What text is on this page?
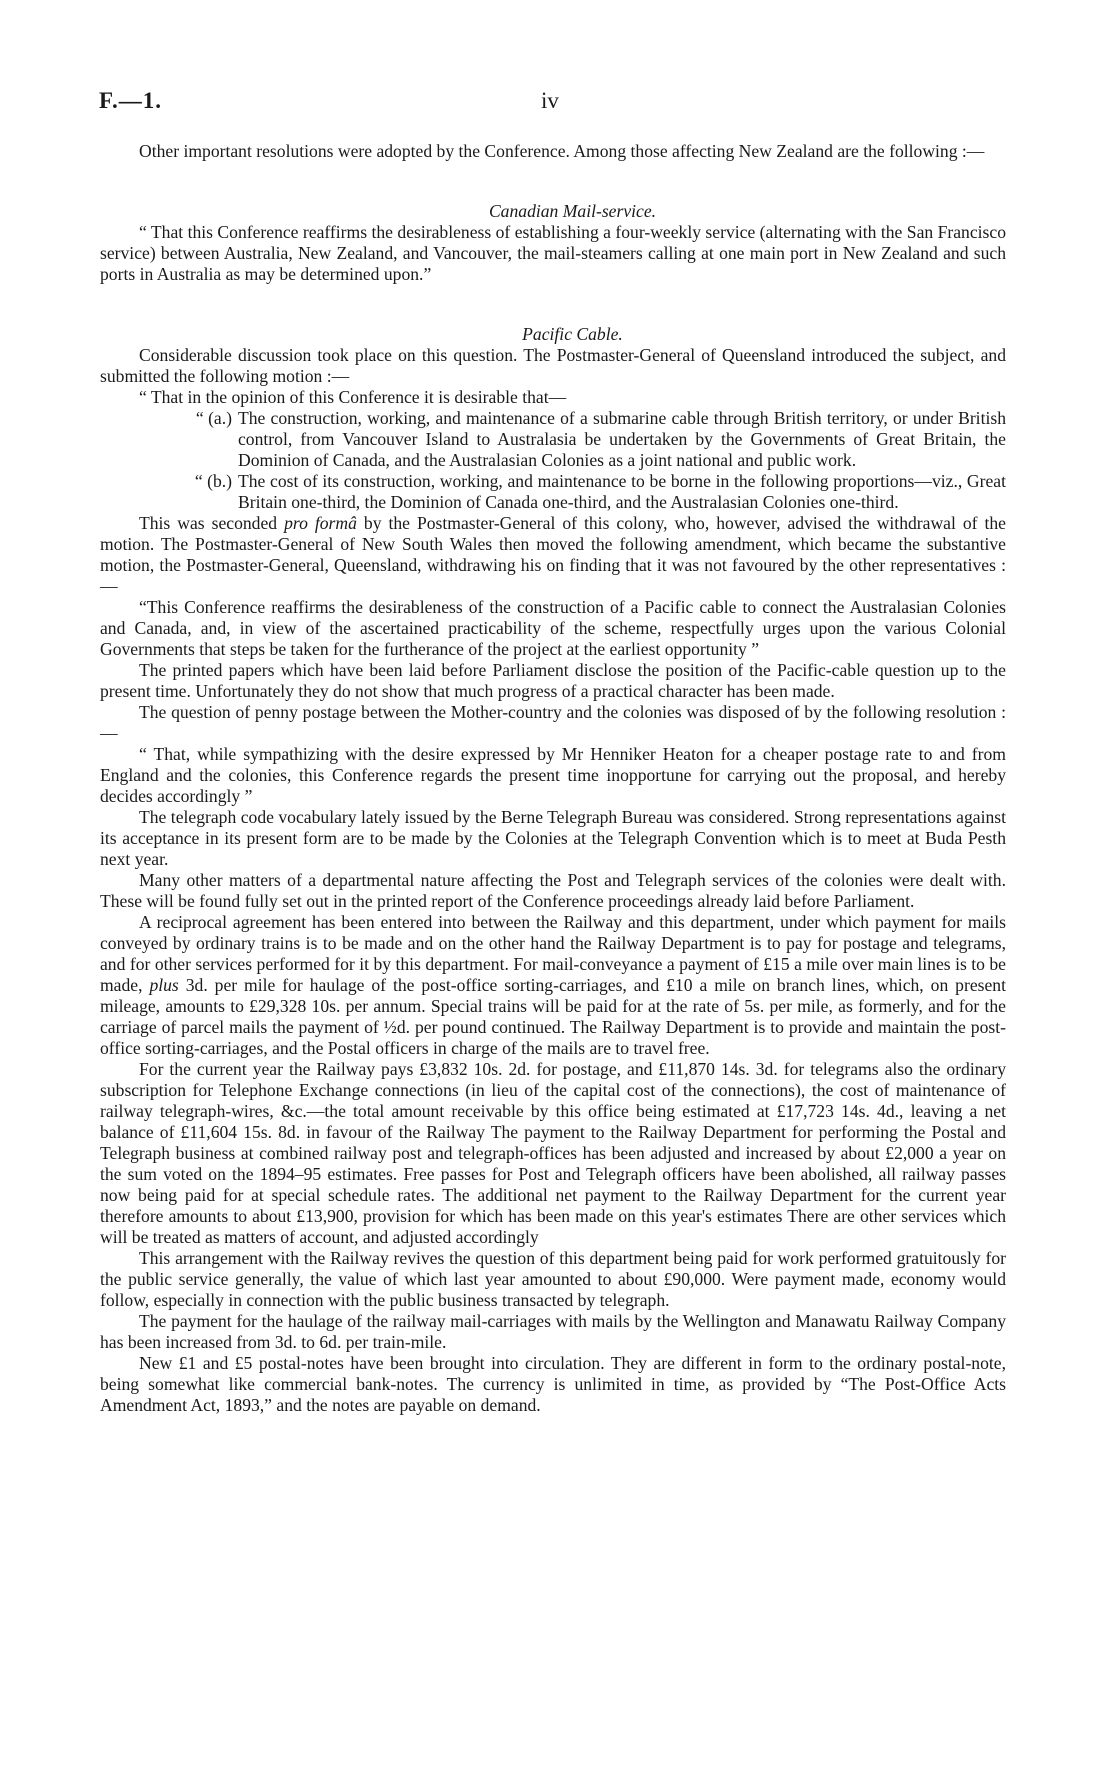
F.—1.	iv

Other important resolutions were adopted by the Conference. Among those affecting New Zealand are the following :—

Canadian Mail-service.

“ That this Conference reaffirms the desirableness of establishing a four-weekly service (alternating with the San Francisco service) between Australia, New Zealand, and Vancouver, the mail-steamers calling at one main port in New Zealand and such ports in Australia as may be determined upon.”

Pacific Cable.

Considerable discussion took place on this question. The Postmaster-General of Queensland introduced the subject, and submitted the following motion :—

“ That in the opinion of this Conference it is desirable that—

“ (a.) The construction, working, and maintenance of a submarine cable through British territory, or under British control, from Vancouver Island to Australasia be undertaken by the Governments of Great Britain, the Dominion of Canada, and the Australasian Colonies as a joint national and public work.
“ (b.) The cost of its construction, working, and maintenance to be borne in the following proportions—viz., Great Britain one-third, the Dominion of Canada one-third, and the Australasian Colonies one-third.

This was seconded pro formâ by the Postmaster-General of this colony, who, however, advised the withdrawal of the motion. The Postmaster-General of New South Wales then moved the following amendment, which became the substantive motion, the Postmaster-General, Queensland, withdrawing his on finding that it was not favoured by the other representatives :—

“This Conference reaffirms the desirableness of the construction of a Pacific cable to connect the Australasian Colonies and Canada, and, in view of the ascertained practicability of the scheme, respectfully urges upon the various Colonial Governments that steps be taken for the furtherance of the project at the earliest opportunity ”

The printed papers which have been laid before Parliament disclose the position of the Pacific-cable question up to the present time. Unfortunately they do not show that much progress of a practical character has been made.

The question of penny postage between the Mother-country and the colonies was disposed of by the following resolution :—

“ That, while sympathizing with the desire expressed by Mr Henniker Heaton for a cheaper postage rate to and from England and the colonies, this Conference regards the present time inopportune for carrying out the proposal, and hereby decides accordingly ”

The telegraph code vocabulary lately issued by the Berne Telegraph Bureau was considered. Strong representations against its acceptance in its present form are to be made by the Colonies at the Telegraph Convention which is to meet at Buda Pesth next year.

Many other matters of a departmental nature affecting the Post and Telegraph services of the colonies were dealt with. These will be found fully set out in the printed report of the Conference proceedings already laid before Parliament.

A reciprocal agreement has been entered into between the Railway and this department, under which payment for mails conveyed by ordinary trains is to be made and on the other hand the Railway Department is to pay for postage and telegrams, and for other services performed for it by this department. For mail-conveyance a payment of £15 a mile over main lines is to be made, plus 3d. per mile for haulage of the post-office sorting-carriages, and £10 a mile on branch lines, which, on present mileage, amounts to £29,328 10s. per annum. Special trains will be paid for at the rate of 5s. per mile, as formerly, and for the carriage of parcel mails the payment of ½d. per pound continued. The Railway Department is to provide and maintain the post-office sorting-carriages, and the Postal officers in charge of the mails are to travel free.

For the current year the Railway pays £3,832 10s. 2d. for postage, and £11,870 14s. 3d. for telegrams also the ordinary subscription for Telephone Exchange connections (in lieu of the capital cost of the connections), the cost of maintenance of railway telegraph-wires, &c.—the total amount receivable by this office being estimated at £17,723 14s. 4d., leaving a net balance of £11,604 15s. 8d. in favour of the Railway The payment to the Railway Department for performing the Postal and Telegraph business at combined railway post and telegraph-offices has been adjusted and increased by about £2,000 a year on the sum voted on the 1894–95 estimates. Free passes for Post and Telegraph officers have been abolished, all railway passes now being paid for at special schedule rates. The additional net payment to the Railway Department for the current year therefore amounts to about £13,900, provision for which has been made on this year's estimates There are other services which will be treated as matters of account, and adjusted accordingly

This arrangement with the Railway revives the question of this department being paid for work performed gratuitously for the public service generally, the value of which last year amounted to about £90,000. Were payment made, economy would follow, especially in connection with the public business transacted by telegraph.

The payment for the haulage of the railway mail-carriages with mails by the Wellington and Manawatu Railway Company has been increased from 3d. to 6d. per train-mile.

New £1 and £5 postal-notes have been brought into circulation. They are different in form to the ordinary postal-note, being somewhat like commercial bank-notes. The currency is unlimited in time, as provided by “The Post-Office Acts Amendment Act, 1893,” and the notes are payable on demand.
